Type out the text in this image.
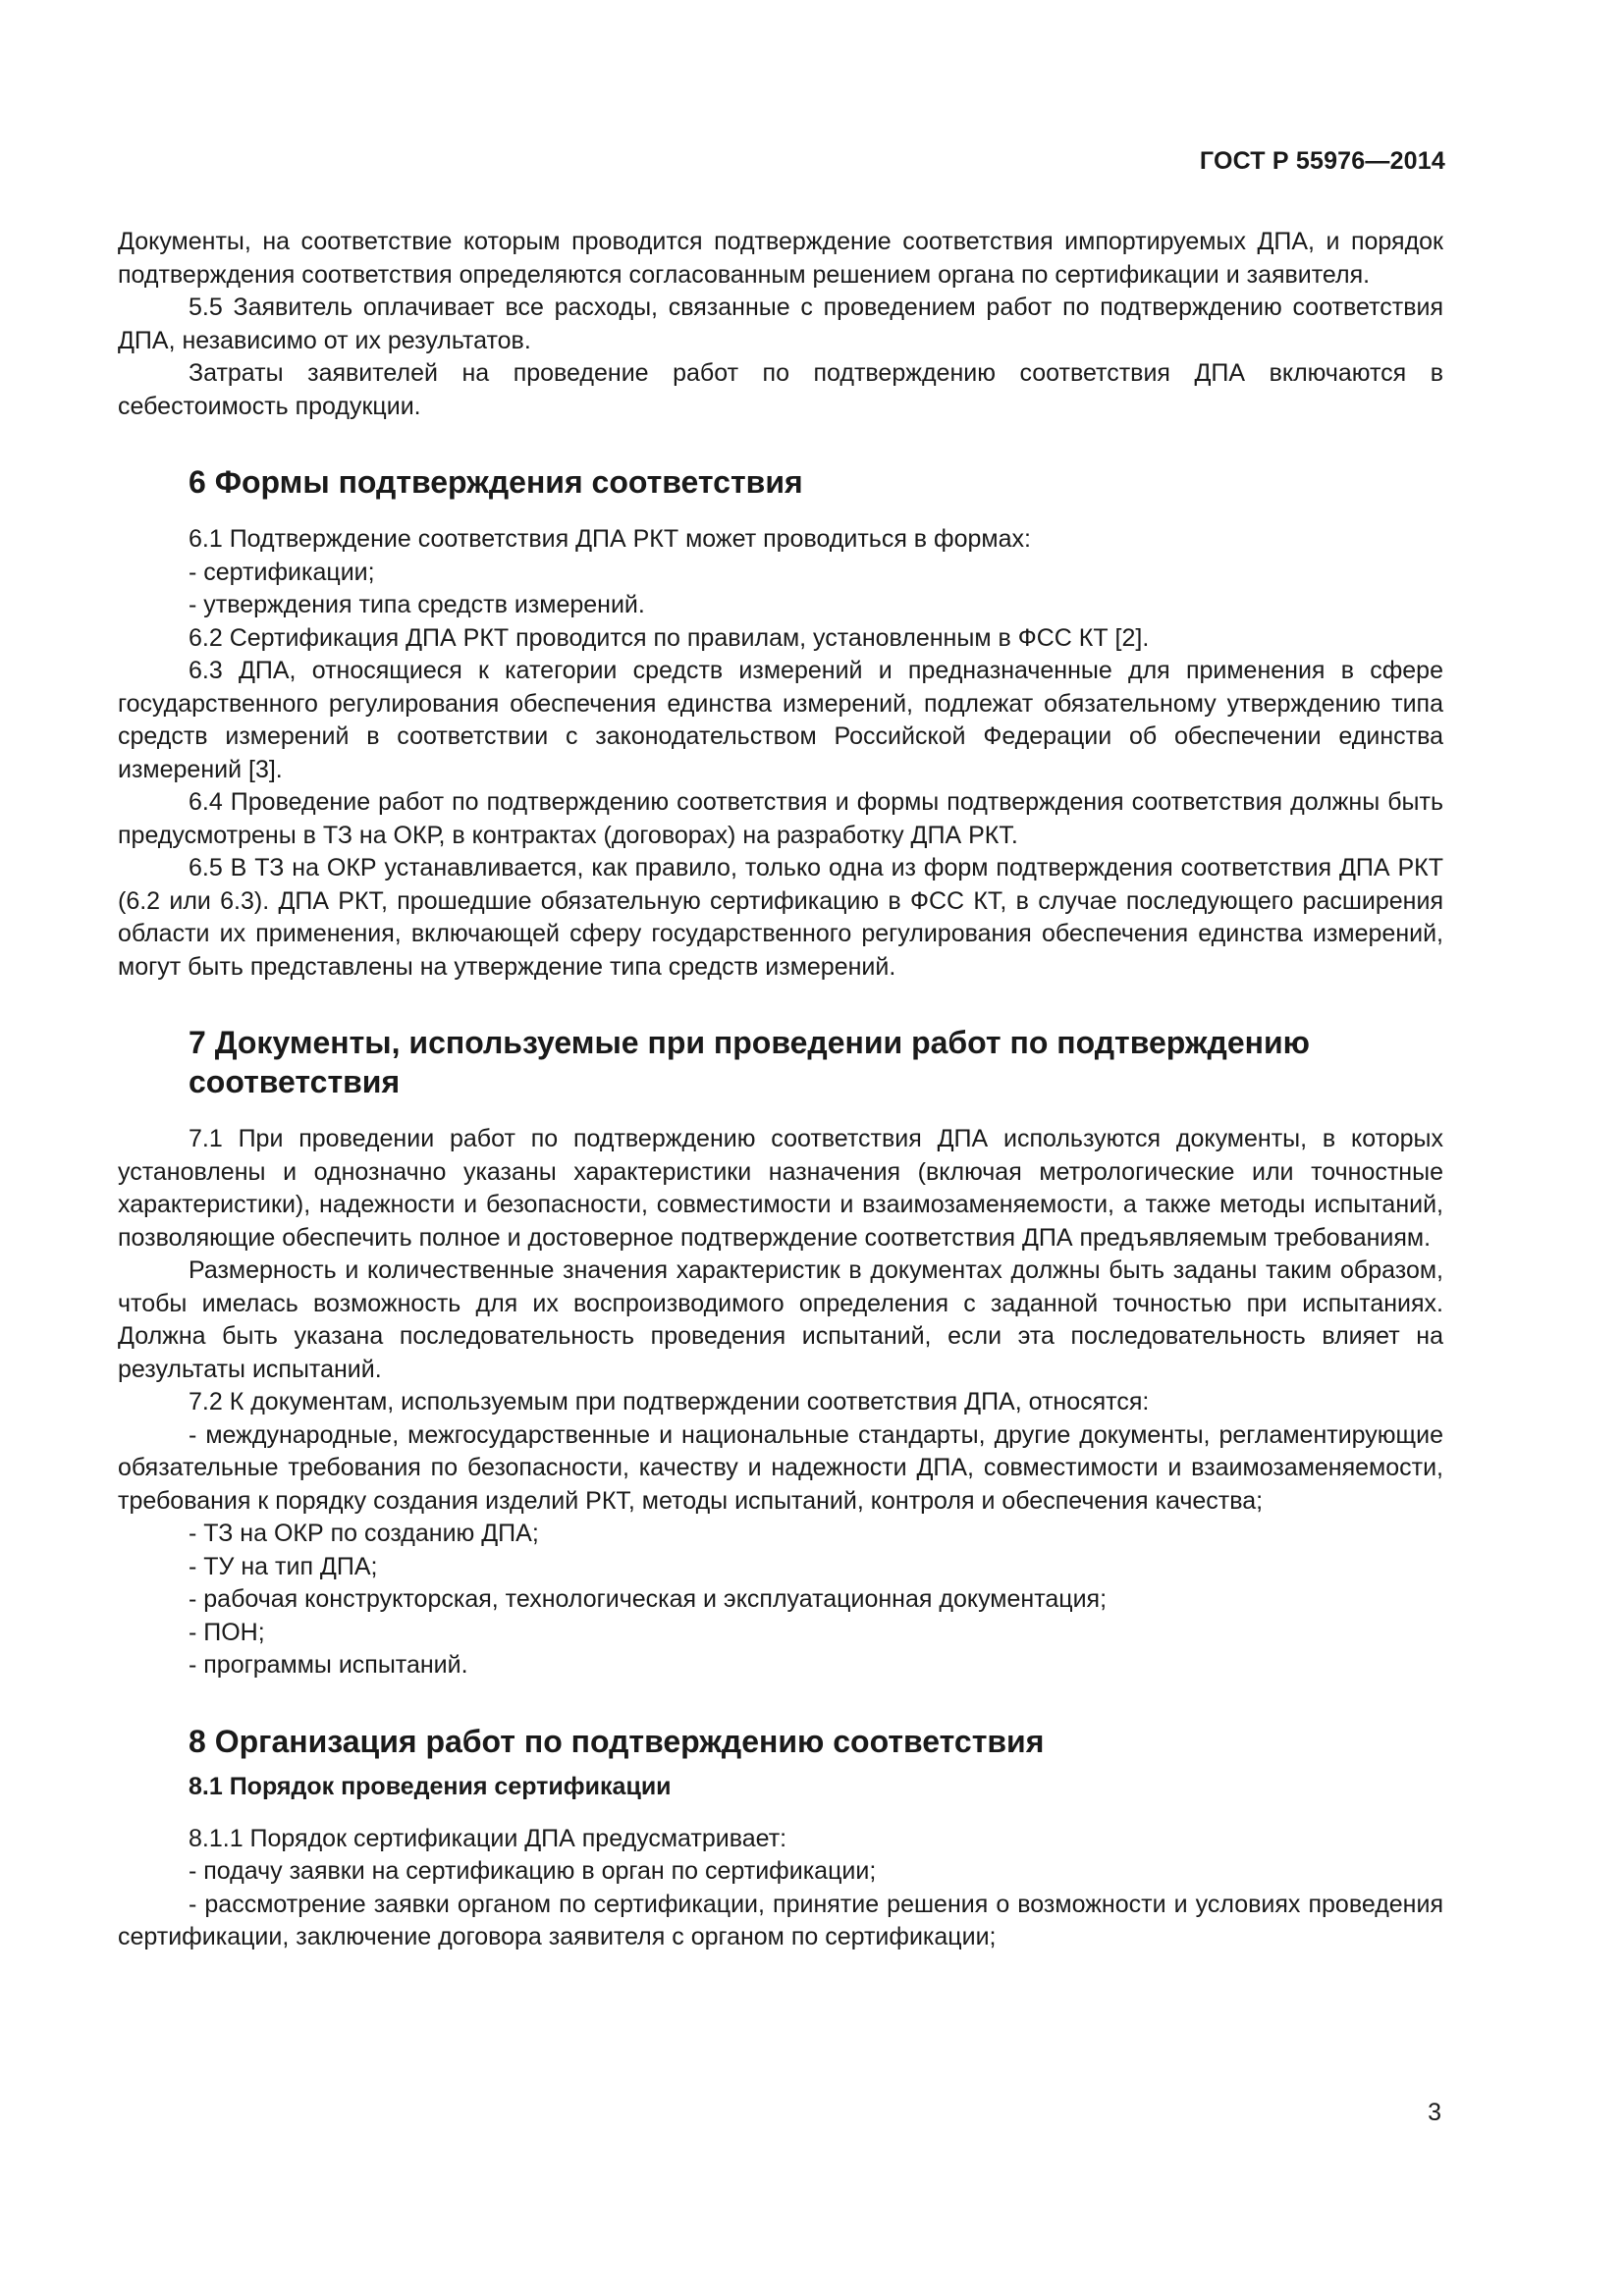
ГОСТ Р 55976—2014

Документы, на соответствие которым проводится подтверждение соответствия импортируемых ДПА, и порядок подтверждения соответствия определяются согласованным решением органа по сертификации и заявителя.

5.5 Заявитель оплачивает все расходы, связанные с проведением работ по подтверждению соответствия ДПА, независимо от их результатов.

Затраты заявителей на проведение работ по подтверждению соответствия ДПА включаются в себестоимость продукции.

6 Формы подтверждения соответствия

6.1 Подтверждение соответствия ДПА РКТ может проводиться в формах:

- сертификации;

- утверждения типа средств измерений.

6.2 Сертификация ДПА РКТ проводится по правилам, установленным в ФСС КТ [2].

6.3 ДПА, относящиеся к категории средств измерений и предназначенные для применения в сфере государственного регулирования обеспечения единства измерений, подлежат обязательному утверждению типа средств измерений в соответствии с законодательством Российской Федерации об обеспечении единства измерений [3].

6.4 Проведение работ по подтверждению соответствия и формы подтверждения соответствия должны быть предусмотрены в ТЗ на ОКР, в контрактах (договорах) на разработку ДПА РКТ.

6.5 В ТЗ на ОКР устанавливается, как правило, только одна из форм подтверждения соответствия ДПА РКТ (6.2 или 6.3). ДПА РКТ, прошедшие обязательную сертификацию в ФСС КТ, в случае последующего расширения области их применения, включающей сферу государственного регулирования обеспечения единства измерений, могут быть представлены на утверждение типа средств измерений.

7 Документы, используемые при проведении работ по подтверждению соответствия

7.1 При проведении работ по подтверждению соответствия ДПА используются документы, в которых установлены и однозначно указаны характеристики назначения (включая метрологические или точностные характеристики), надежности и безопасности, совместимости и взаимозаменяемости, а также методы испытаний, позволяющие обеспечить полное и достоверное подтверждение соответствия ДПА предъявляемым требованиям.

Размерность и количественные значения характеристик в документах должны быть заданы таким образом, чтобы имелась возможность для их воспроизводимого определения с заданной точностью при испытаниях. Должна быть указана последовательность проведения испытаний, если эта последовательность влияет на результаты испытаний.

7.2 К документам, используемым при подтверждении соответствия ДПА, относятся:

- международные, межгосударственные и национальные стандарты, другие документы, регламентирующие обязательные требования по безопасности, качеству и надежности ДПА, совместимости и взаимозаменяемости, требования к порядку создания изделий РКТ, методы испытаний, контроля и обеспечения качества;

- ТЗ на ОКР по созданию ДПА;

- ТУ на тип ДПА;

- рабочая конструкторская, технологическая и эксплуатационная документация;

- ПОН;

- программы испытаний.

8 Организация работ по подтверждению соответствия
8.1 Порядок проведения сертификации

8.1.1 Порядок сертификации ДПА предусматривает:

- подачу заявки на сертификацию в орган по сертификации;

- рассмотрение заявки органом по сертификации, принятие решения о возможности и условиях проведения сертификации, заключение договора заявителя с органом по сертификации;

3
